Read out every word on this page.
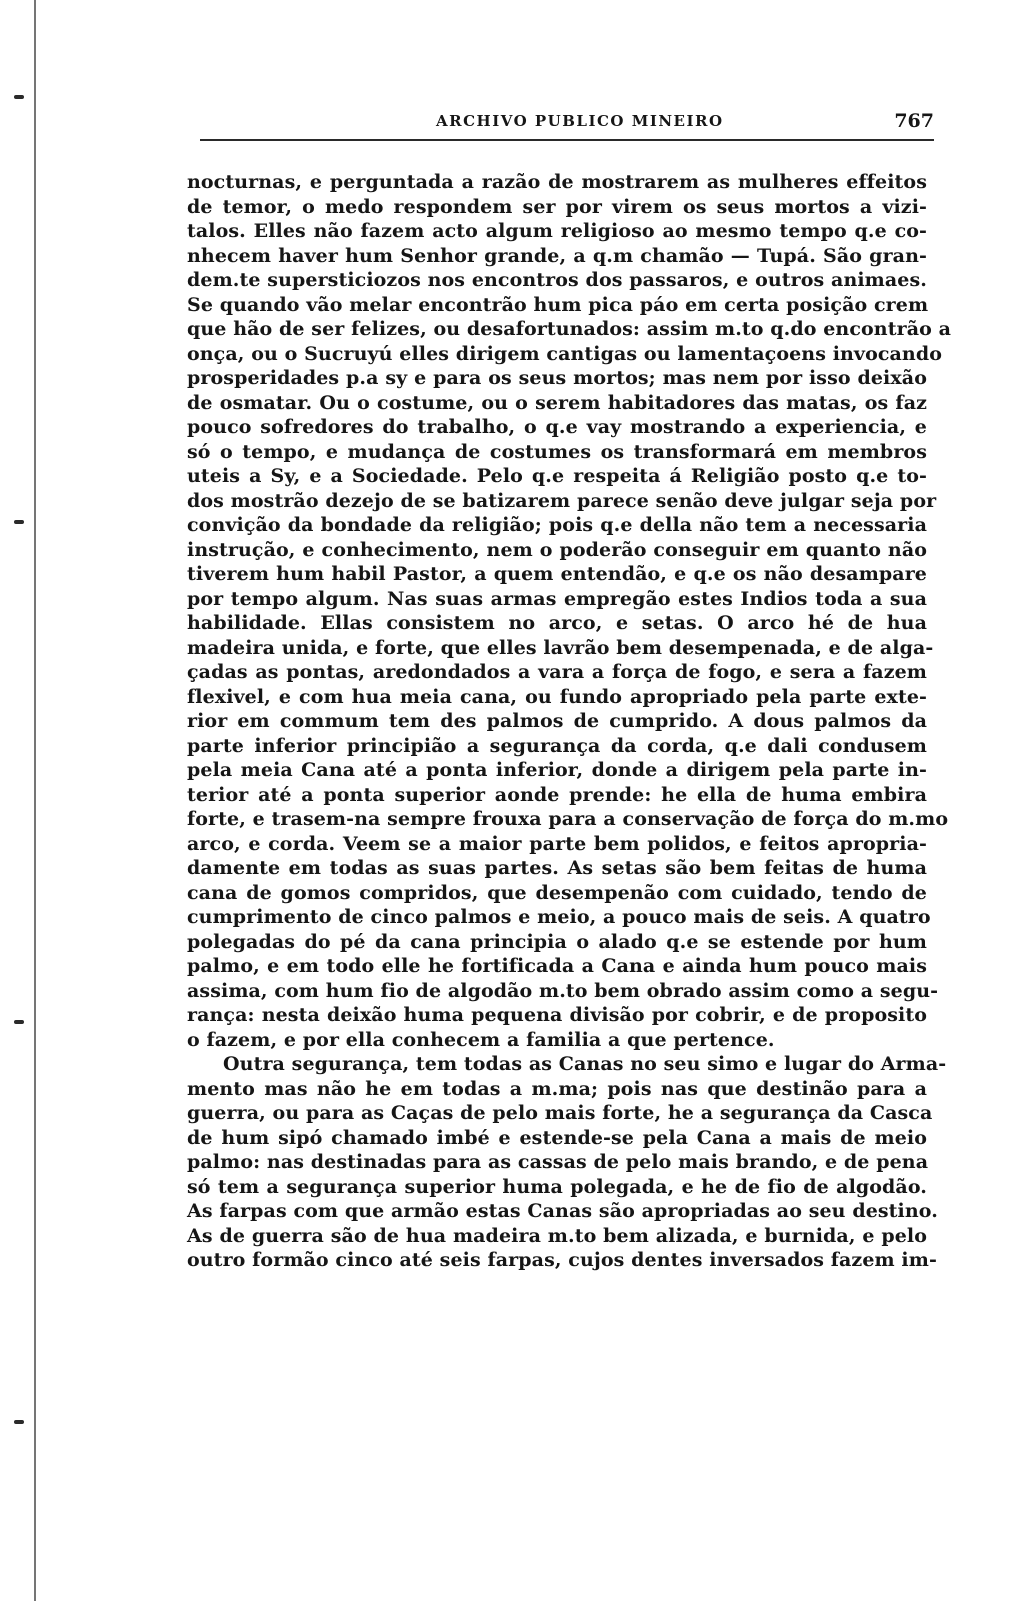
ARCHIVO PUBLICO MINEIRO	767
nocturnas, e perguntada a razão de mostrarem as mulheres effeitos
de temor, o medo respondem ser por virem os seus mortos a vizi-
talos. Elles não fazem acto algum religioso ao mesmo tempo q.e co-
nhecem haver hum Senhor grande, a q.m chamão — Tupá. São gran-
dem.te supersticiozos nos encontros dos passaros, e outros animaes.
Se quando vão melar encontrão hum pica páo em certa posição crem
que hão de ser felizes, ou desafortunados: assim m.to q.do encontrão a
onça, ou o Sucruyú elles dirigem cantigas ou lamentaçoens invocando
prosperidades p.a sy e para os seus mortos; mas nem por isso deixão
de osmatar. Ou o costume, ou o serem habitadores das matas, os faz
pouco sofredores do trabalho, o q.e vay mostrando a experiencia, e
só o tempo, e mudança de costumes os transformará em membros
uteis a Sy, e a Sociedade. Pelo q.e respeita á Religião posto q.e to-
dos mostrão dezejo de se batizarem parece senão deve julgar seja por
convição da bondade da religião; pois q.e della não tem a necessaria
instrução, e conhecimento, nem o poderão conseguir em quanto não
tiverem hum habil Pastor, a quem entendão, e q.e os não desampare
por tempo algum. Nas suas armas empregão estes Indios toda a sua
habilidade. Ellas consistem no arco, e setas. O arco hé de hua
madeira unida, e forte, que elles lavrão bem desempenada, e de alga-
çadas as pontas, aredondados a vara a força de fogo, e sera a fazem
flexivel, e com hua meia cana, ou fundo apropriado pela parte exte-
rior em commum tem des palmos de cumprido. A dous palmos da
parte inferior principião a segurança da corda, q.e dali condusem
pela meia Cana até a ponta inferior, donde a dirigem pela parte in-
terior até a ponta superior aonde prende: he ella de huma embira
forte, e trasem-na sempre frouxa para a conservação de força do m.mo
arco, e corda. Veem se a maior parte bem polidos, e feitos apropria-
damente em todas as suas partes. As setas são bem feitas de huma
cana de gomos compridos, que desempenão com cuidado, tendo de
cumprimento de cinco palmos e meio, a pouco mais de seis. A quatro
polegadas do pé da cana principia o alado q.e se estende por hum
palmo, e em todo elle he fortificada a Cana e ainda hum pouco mais
assima, com hum fio de algodão m.to bem obrado assim como a segu-
rança: nesta deixão huma pequena divisão por cobrir, e de proposito
o fazem, e por ella conhecem a familia a que pertence.
Outra segurança, tem todas as Canas no seu simo e lugar do Arma-
mento mas não he em todas a m.ma; pois nas que destinão para a
guerra, ou para as Caças de pelo mais forte, he a segurança da Casca
de hum sipó chamado imbé e estende-se pela Cana a mais de meio
palmo: nas destinadas para as cassas de pelo mais brando, e de pena
só tem a segurança superior huma polegada, e he de fio de algodão.
As farpas com que armão estas Canas são apropriadas ao seu destino.
As de guerra são de hua madeira m.to bem alizada, e burnida, e pelo
outro formão cinco até seis farpas, cujos dentes inversados fazem im-
